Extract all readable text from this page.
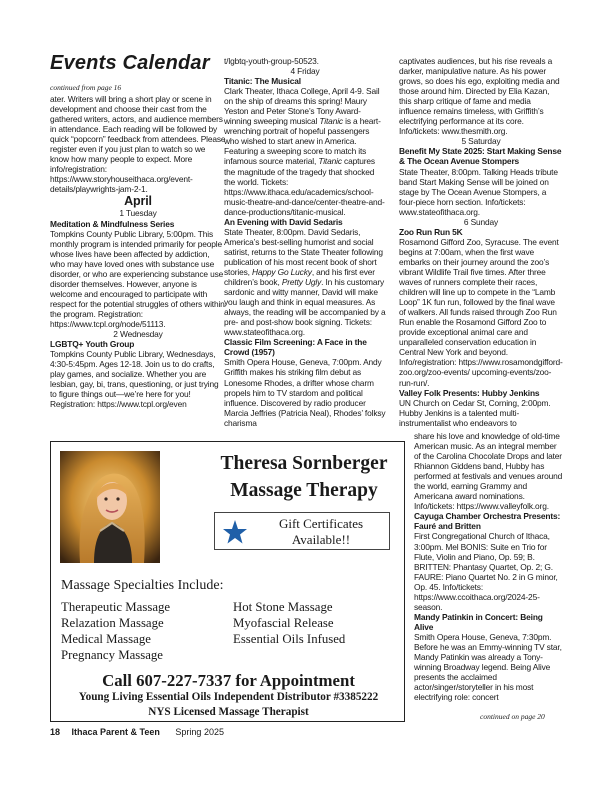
Events Calendar
continued from page 16

ater. Writers will bring a short play or scene in development and choose their cast from the gathered writers, actors, and audience members in attendance. Each reading will be followed by quick “popcorn” feedback from attendees. Please register even if you just plan to watch so we know how many people to expect. More info/registration: https://www.storyhouseithaca.org/event-details/playwrights-jam-2-1.

April
1 Tuesday
Meditation & Mindfulness Series

Tompkins County Public Library, 5:00pm. This monthly program is intended primarily for people whose lives have been affected by addiction, who may have loved ones with substance use disorder, or who are experiencing substance use disorder themselves. However, anyone is welcome and encouraged to participate with respect for the potential struggles of others within the program. Registration: https://www.tcpl.org/node/51113.

2 Wednesday
LGBTQ+ Youth Group

Tompkins County Public Library, Wednesdays, 4:30-5:45pm. Ages 12-18. Join us to do crafts, play games, and socialize. Whether you are lesbian, gay, bi, trans, questioning, or just trying to figure things out—we’re here for you! Registration: https://www.tcpl.org/even

t/lgbtq-youth-group-50523.

4 Friday
Titanic: The Musical

Clark Theater, Ithaca College, April 4-9. Sail on the ship of dreams this spring! Maury Yeston and Peter Stone’s Tony Award-winning sweeping musical Titanic is a heart-wrenching portrait of hopeful passengers who wished to start anew in America. Featuring a sweeping score to match its infamous source material, Titanic captures the magnitude of the tragedy that shocked the world. Tickets: https://www.ithaca.edu/academics/school-music-theatre-and-dance/center-theatre-and-dance-productions/titanic-musical.

An Evening with David Sedaris

State Theater, 8:00pm. David Sedaris, America’s best-selling humorist and social satirist, returns to the State Theater following publication of his most recent book of short stories, Happy Go Lucky, and his first ever children’s book, Pretty Ugly. In his customary sardonic and witty manner, David will make you laugh and think in equal measures. As always, the reading will be accompanied by a pre- and post-show book signing. Tickets: www.stateofithaca.org.

Classic Film Screening: A Face in the Crowd (1957)

Smith Opera House, Geneva, 7:00pm. Andy Griffith makes his striking film debut as Lonesome Rhodes, a drifter whose charm propels him to TV stardom and political influence. Discovered by radio producer Marcia Jeffries (Patricia Neal), Rhodes’ folksy charisma

captivates audiences, but his rise reveals a darker, manipulative nature. As his power grows, so does his ego, exploiting media and those around him. Directed by Elia Kazan, this sharp critique of fame and media influence remains timeless, with Griffith’s electrifying performance at its core. Info/tickets: www.thesmith.org.

5 Saturday
Benefit My State 2025: Start Making Sense & The Ocean Avenue Stompers

State Theater, 8:00pm. Talking Heads tribute band Start Making Sense will be joined on stage by The Ocean Avenue Stompers, a four-piece horn section. Info/tickets: www.stateofithaca.org.

6 Sunday
Zoo Run Run 5K

Rosamond Gifford Zoo, Syracuse. The event begins at 7:00am, when the first wave embarks on their journey around the zoo’s vibrant Wildlife Trail five times. After three waves of runners complete their races, children will line up to compete in the “Lamb Loop” 1K fun run, followed by the final wave of walkers. All funds raised through Zoo Run Run enable the Rosamond Gifford Zoo to provide exceptional animal care and unparalleled conservation education in Central New York and beyond. Info/registration: https://www.rosamondgifford-zoo.org/zoo-events/ upcoming-events/zoo-run-run/.

Valley Folk Presents: Hubby Jenkins

UN Church on Cedar St, Corning, 2:00pm. Hubby Jenkins is a talented multi-instrumentalist who endeavors to

share his love and knowledge of old-time American music. As an integral member of the Carolina Chocolate Drops and later Rhiannon Giddens band, Hubby has performed at festivals and venues around the world, earning Grammy and Americana award nominations. Info/tickets: https://www.valleyfolk.org.

Cayuga Chamber Orchestra Presents: Fauré and Britten

First Congregational Church of Ithaca, 3:00pm. Mel BONIS: Suite en Trio for Flute, Violin and Piano, Op. 59; B. BRITTEN: Phantasy Quartet, Op. 2; G. FAURE: Piano Quartet No. 2 in G minor, Op. 45. Info/tickets: https://www.ccoithaca.org/2024-25-season.

Mandy Patinkin in Concert: Being Alive

Smith Opera House, Geneva, 7:30pm. Before he was an Emmy-winning TV star, Mandy Patinkin was already a Tony-winning Broadway legend. Being Alive presents the acclaimed actor/singer/storyteller in his most electrifying role: concert

Theresa Sornberger
Massage Therapy
Gift Certificates
Available!!
Massage Specialties Include:
Therapeutic Massage
Relazation Massage
Medical Massage
Pregnancy Massage
Hot Stone Massage
Myofascial Release
Essential Oils Infused
Call 607-227-7337 for Appointment
Young Living Essential Oils Independent Distributor #3385222
NYS Licensed Massage Therapist	continued on page 20
18 Ithaca Parent & Teen Spring 2025
